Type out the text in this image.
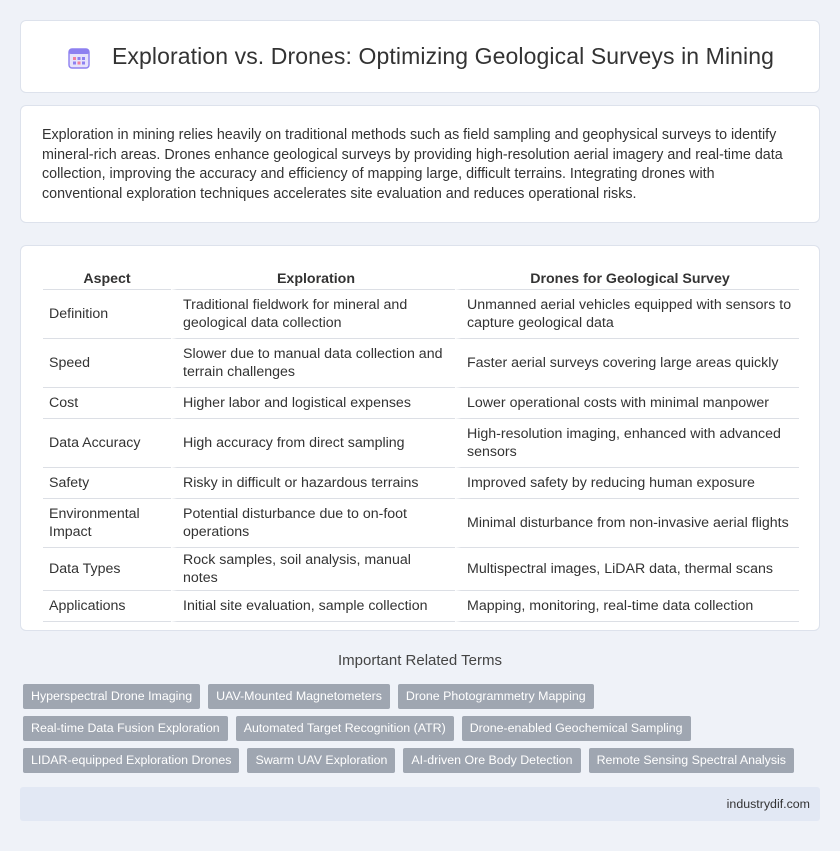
Exploration vs. Drones: Optimizing Geological Surveys in Mining

Exploration in mining relies heavily on traditional methods such as field sampling and geophysical surveys to identify mineral-rich areas. Drones enhance geological surveys by providing high-resolution aerial imagery and real-time data collection, improving the accuracy and efficiency of mapping large, difficult terrains. Integrating drones with conventional exploration techniques accelerates site evaluation and reduces operational risks.

Aspect	Exploration	Drones for Geological Survey
Definition	Traditional fieldwork for mineral and geological data collection	Unmanned aerial vehicles equipped with sensors to capture geological data
Speed	Slower due to manual data collection and terrain challenges	Faster aerial surveys covering large areas quickly
Cost	Higher labor and logistical expenses	Lower operational costs with minimal manpower
Data Accuracy	High accuracy from direct sampling	High-resolution imaging, enhanced with advanced sensors
Safety	Risky in difficult or hazardous terrains	Improved safety by reducing human exposure
Environmental Impact	Potential disturbance due to on-foot operations	Minimal disturbance from non-invasive aerial flights
Data Types	Rock samples, soil analysis, manual notes	Multispectral images, LiDAR data, thermal scans
Applications	Initial site evaluation, sample collection	Mapping, monitoring, real-time data collection
Important Related Terms
Hyperspectral Drone Imaging	UAV-Mounted Magnetometers	Drone Photogrammetry Mapping
Real-time Data Fusion Exploration	Automated Target Recognition (ATR)	Drone-enabled Geochemical Sampling
LIDAR-equipped Exploration Drones	Swarm UAV Exploration	AI-driven Ore Body Detection	Remote Sensing Spectral Analysis
industrydif.com
